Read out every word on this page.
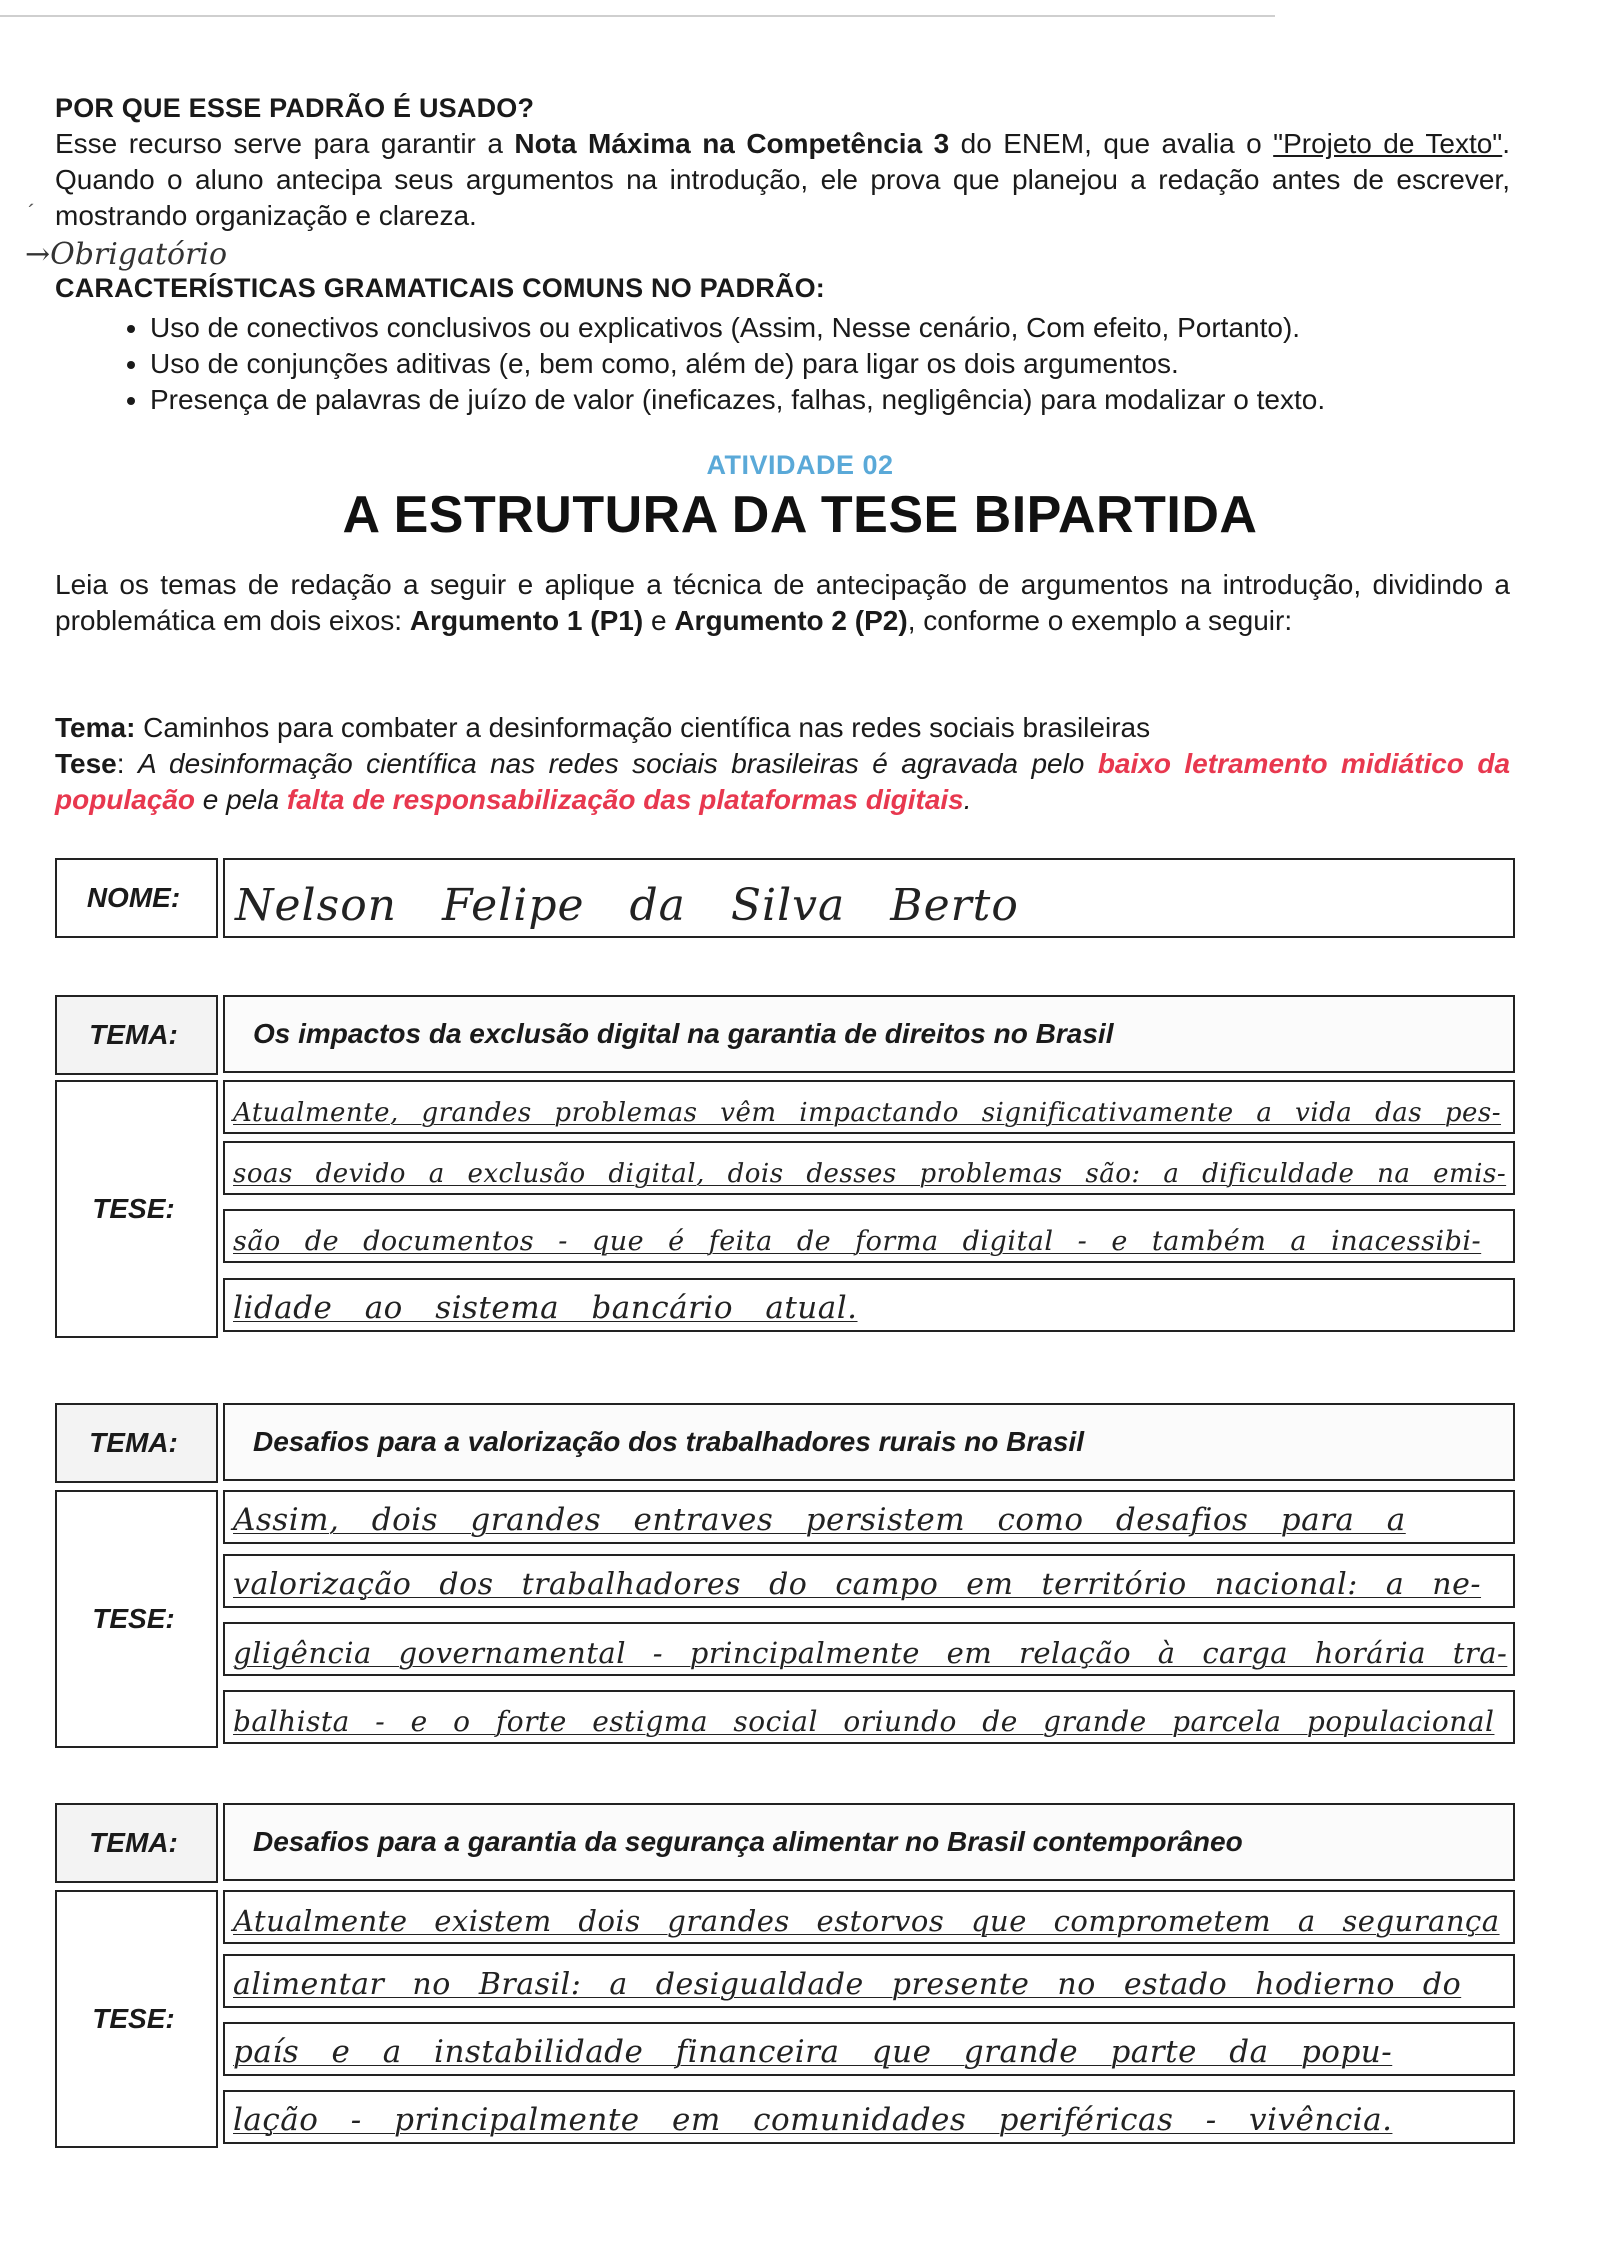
POR QUE ESSE PADRÃO É USADO?
Esse recurso serve para garantir a Nota Máxima na Competência 3 do ENEM, que avalia o "Projeto de Texto". Quando o aluno antecipa seus argumentos na introdução, ele prova que planejou a redação antes de escrever, mostrando organização e clareza.
´
→Obrigatório
CARACTERÍSTICAS GRAMATICAIS COMUNS NO PADRÃO:
• Uso de conectivos conclusivos ou explicativos (Assim, Nesse cenário, Com efeito, Portanto).
• Uso de conjunções aditivas (e, bem como, além de) para ligar os dois argumentos.
• Presença de palavras de juízo de valor (ineficazes, falhas, negligência) para modalizar o texto.
ATIVIDADE 02
A ESTRUTURA DA TESE BIPARTIDA
Leia os temas de redação a seguir e aplique a técnica de antecipação de argumentos na introdução, dividindo a problemática em dois eixos: Argumento 1 (P1) e Argumento 2 (P2), conforme o exemplo a seguir:
Tema: Caminhos para combater a desinformação científica nas redes sociais brasileiras
Tese: A desinformação científica nas redes sociais brasileiras é agravada pelo baixo letramento midiático da população e pela falta de responsabilização das plataformas digitais.
NOME: Nelson Felipe da Silva Berto
TEMA:	Os impactos da exclusão digital na garantia de direitos no Brasil
TESE:
Atualmente, grandes problemas vêm impactando significativamente a vida das pes-
soas devido a exclusão digital, dois desses problemas são: a dificuldade na emis-
são de documentos - que é feita de forma digital - e também a inacessibi-
lidade ao sistema bancário atual.
TEMA:	Desafios para a valorização dos trabalhadores rurais no Brasil
TESE:
Assim, dois grandes entraves persistem como desafios para a
valorização dos trabalhadores do campo em território nacional: a ne-
gligência governamental - principalmente em relação à carga horária tra-
balhista - e o forte estigma social oriundo de grande parcela populacional
TEMA:	Desafios para a garantia da segurança alimentar no Brasil contemporâneo
TESE:
Atualmente existem dois grandes estorvos que comprometem a segurança
alimentar no Brasil: a desigualdade presente no estado hodierno do
país e a instabilidade financeira que grande parte da popu-
lação - principalmente em comunidades periféricas - vivência.
